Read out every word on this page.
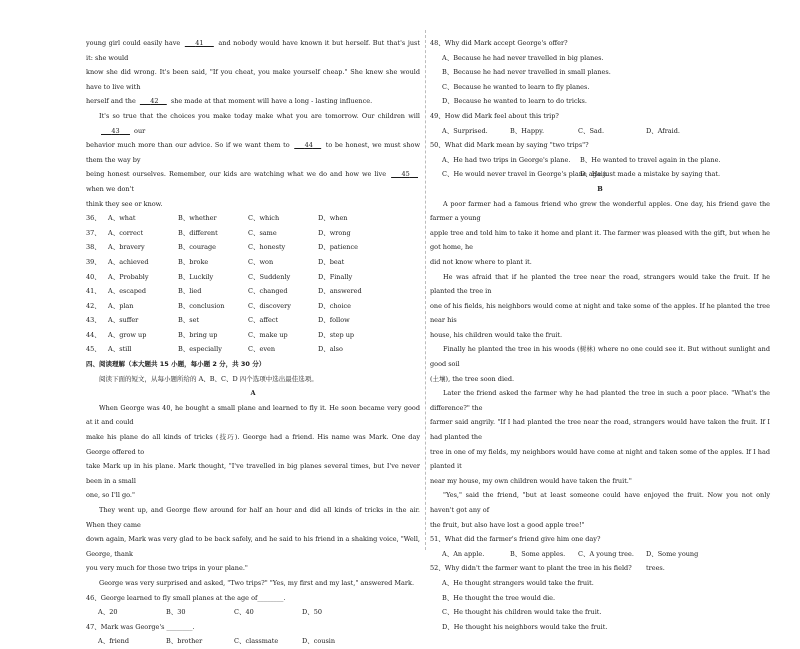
young girl could easily have 41 and nobody would have known it but herself. But that's just it: she would

know she did wrong. It's been said, "If you cheat, you make yourself cheap." She knew she would have to live with

herself and the 42 she made at that moment will have a long - lasting influence.

It's so true that the choices you make today make what you are tomorrow. Our children will      43 our

behavior much more than our advice. So if we want them to 44 to be honest, we must show them the way by

being honest ourselves. Remember, our kids are watching what we do and how we live 45     when we don't

think they see or know.

36、	A、what	B、whether	C、which	D、when
37、	A、correct	B、different	C、same	D、wrong
38、	A、bravery	B、courage	C、honesty	D、patience
39、	A、achieved	B、broke	C、won	D、beat
40、	A、Probably	B、Luckily	C、Suddenly	D、Finally
41、	A、escaped	B、lied	C、changed	D、answered
42、	A、plan	B、conclusion	C、discovery	D、choice
43、	A、suffer	B、set	C、affect	D、follow
44、	A、grow up	B、bring up	C、make up	D、step up
45、	A、still	B、especially	C、even	D、also
四、阅读理解（本大题共 15 小题，每小题 2 分，共 30 分）

阅读下面的短文，从每小题所给的 A、B、C、D 四个选项中选出最佳选项。

A

When George was 40, he bought a small plane and learned to fly it. He soon became very good at it and could

make his plane do all kinds of tricks (技巧). George had a friend. His name was Mark. One day George offered to

take Mark up in his plane. Mark thought, "I've travelled in big planes several times, but I've never been in a small

one, so I'll go."

They went up, and George flew around for half an hour and did all kinds of tricks in the air. When they came

down again, Mark was very glad to be back safely, and he said to his friend in a shaking voice, "Well, George, thank

you very much for those two trips in your plane."

George was very surprised and asked, "Two trips?" "Yes, my first and my last," answered Mark.

46、George learned to fly small planes at the age of________.
A、20	B、30	C、40	D、50
47、Mark was George's ________.
A、friend	B、brother	C、classmate	D、cousin
48、Why did Mark accept George's offer?
A、Because he had never travelled in big planes.
B、Because he had never travelled in small planes.
C、Because he wanted to learn to fly planes.
D、Because he wanted to learn to do tricks.
49、How did Mark feel about this trip?
A、Surprised.	B、Happy.	C、Sad.	D、Afraid.
50、What did Mark mean by saying "two trips"?
A、He had two trips in George's plane.	B、He wanted to travel again in the plane.
C、He would never travel in George's plane again.
D、He just made a mistake by saying that.
B

A poor farmer had a famous friend who grew the wonderful apples. One day, his friend gave the farmer a young

apple tree and told him to take it home and plant it. The farmer was pleased with the gift, but when he got home, he

did not know where to plant it.

He was afraid that if he planted the tree near the road, strangers would take the fruit. If he planted the tree in

one of his fields, his neighbors would come at night and take some of the apples. If he planted the tree near his

house, his children would take the fruit.

Finally he planted the tree in his woods (树林) where no one could see it. But without sunlight and good soil

(土壤), the tree soon died.

Later the friend asked the farmer why he had planted the tree in such a poor place. "What's the difference?" the

farmer said angrily. "If I had planted the tree near the road, strangers would have taken the fruit. If I had planted the

tree in one of my fields, my neighbors would have come at night and taken some of the apples. If I had planted it

near my house, my own children would have taken the fruit."

"Yes," said the friend, "but at least someone could have enjoyed the fruit. Now you not only haven't got any of

the fruit, but also have lost a good apple tree!"

51、What did the farmer's friend give him one day?
A、An apple.	B、Some apples.	C、A young tree.	D、Some young trees.
52、Why didn't the farmer want to plant the tree in his field?
A、He thought strangers would take the fruit.
B、He thought the tree would die.
C、He thought his children would take the fruit.
D、He thought his neighbors would take the fruit.
